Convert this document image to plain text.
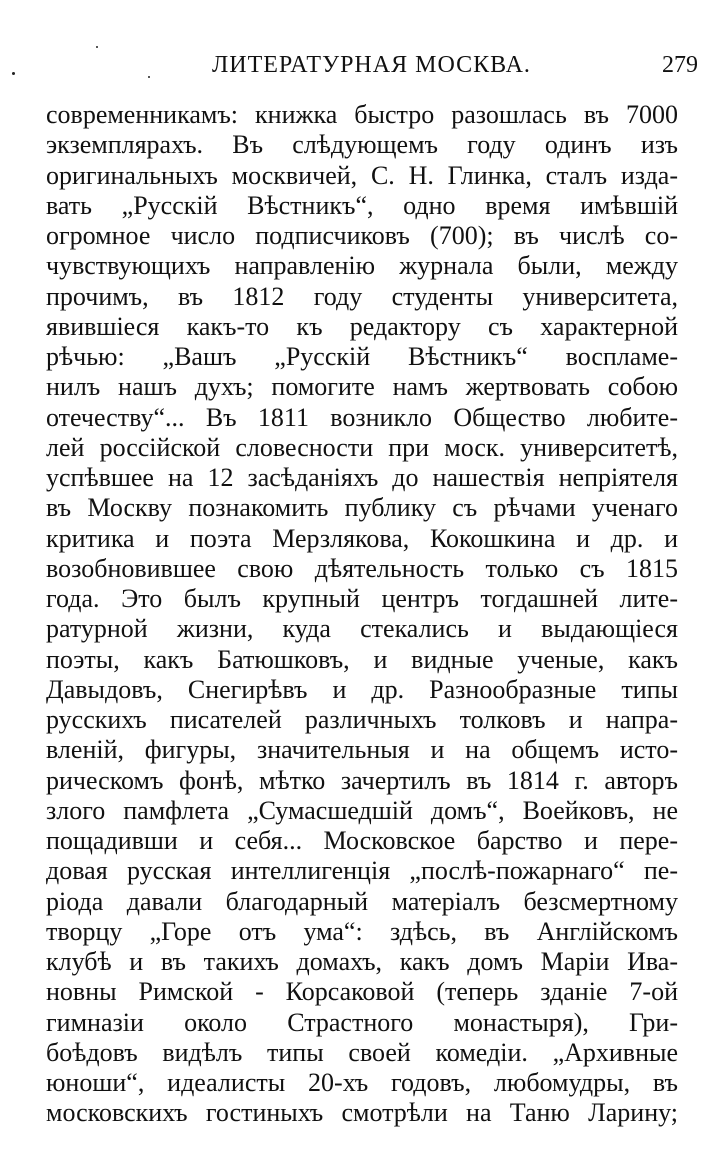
ЛИТЕРАТУРНАЯ МОСКВА.	279
современникамъ: книжка быстро разошлась въ 7000
экземплярахъ. Въ слѣдующемъ году одинъ изъ
оригинальныхъ москвичей, С. Н. Глинка, сталъ изда-
вать „Русскій Вѣстникъ“, одно время имѣвшій
огромное число подписчиковъ (700); въ числѣ со-
чувствующихъ направленію журнала были, между
прочимъ, въ 1812 году студенты университета,
явившіеся какъ-то къ редактору съ характерной
рѣчью: „Вашъ „Русскій Вѣстникъ“ воспламе-
нилъ нашъ духъ; помогите намъ жертвовать собою
отечеству“... Въ 1811 возникло Общество любите-
лей россійской словесности при моск. университетѣ,
успѣвшее на 12 засѣданіяхъ до нашествія непріятеля
въ Москву познакомить публику съ рѣчами ученаго
критика и поэта Мерзлякова, Кокошкина и др. и
возобновившее свою дѣятельность только съ 1815
года. Это былъ крупный центръ тогдашней лите-
ратурной жизни, куда стекались и выдающіеся
поэты, какъ Батюшковъ, и видные ученые, какъ
Давыдовъ, Снегирѣвъ и др. Разнообразные типы
русскихъ писателей различныхъ толковъ и напра-
вленій, фигуры, значительныя и на общемъ исто-
рическомъ фонѣ, мѣтко зачертилъ въ 1814 г. авторъ
злого памфлета „Сумасшедшій домъ“, Воейковъ, не
пощадивши и себя... Московское барство и пере-
довая русская интеллигенція „послѣ-пожарнаго“ пе-
ріода давали благодарный матеріалъ безсмертному
творцу „Горе отъ ума“: здѣсь, въ Англійскомъ
клубѣ и въ такихъ домахъ, какъ домъ Маріи Ива-
новны Римской - Корсаковой (теперь зданіе 7-ой
гимназіи около Страстного монастыря), Гри-
боѣдовъ видѣлъ типы своей комедіи. „Архивные
юноши“, идеалисты 20-хъ годовъ, любомудры, въ
московскихъ гостиныхъ смотрѣли на Таню Ларину;
